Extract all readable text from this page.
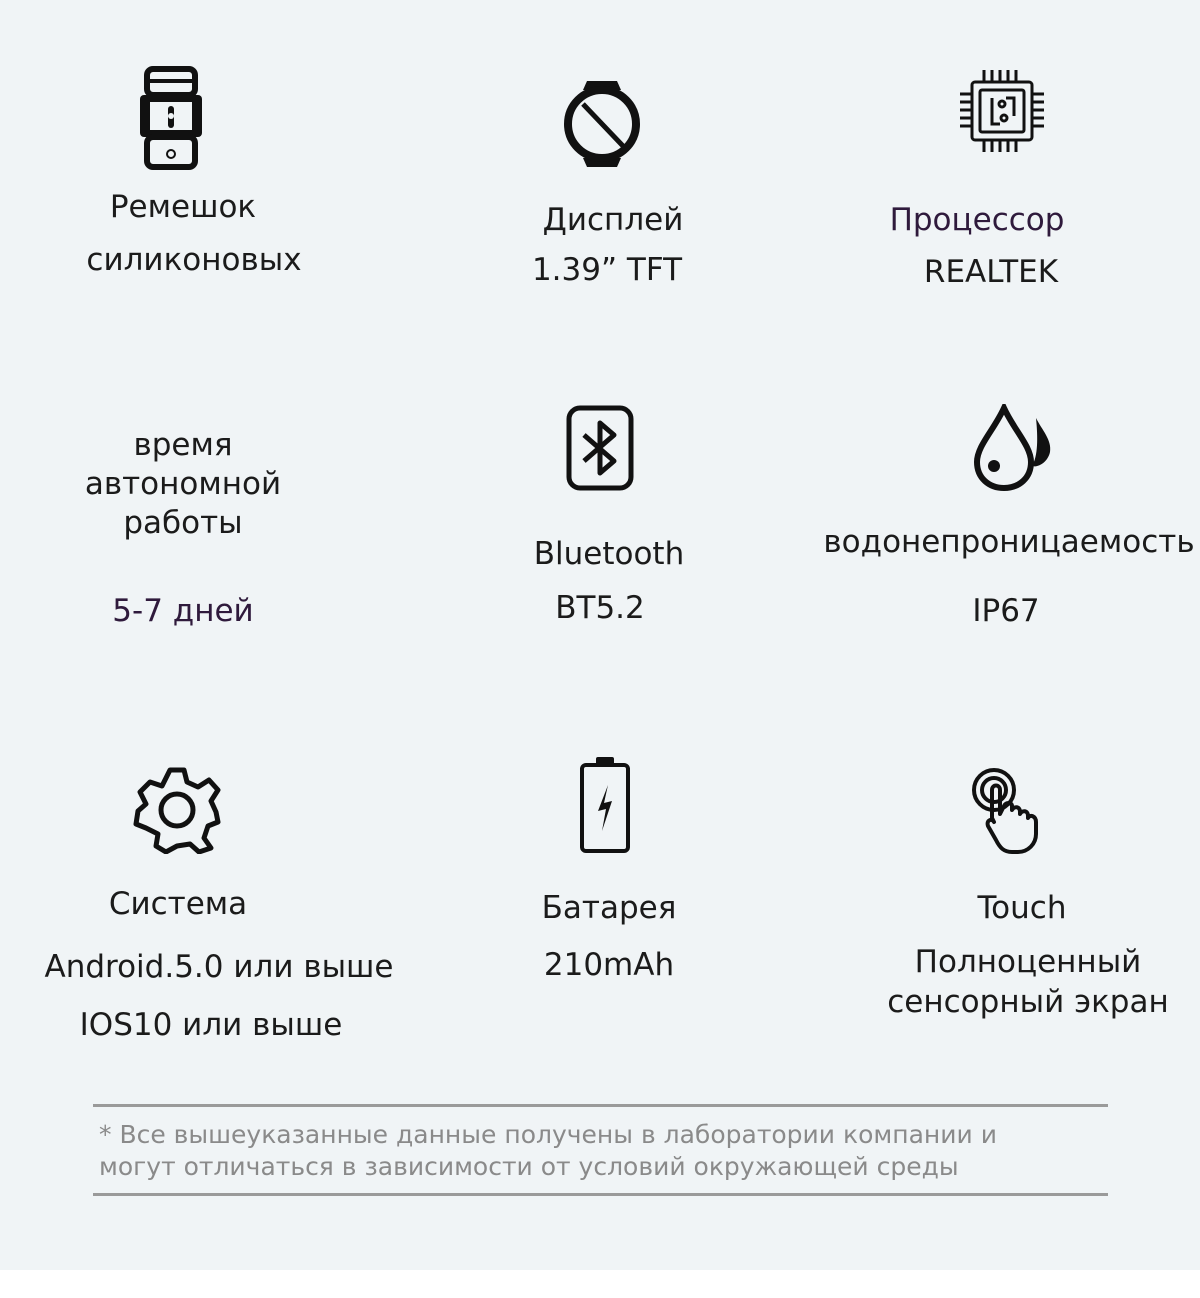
Ремешок
силиконовых
Дисплей
1.39” TFT
Процессор
REALTEK
время
автономной
работы
5-7 дней
Bluetooth
BT5.2
водонепроницаемость
IP67
Система
Android.5.0 или выше
IOS10 или выше
Батарея
210mAh
Touch
Полноценный
сенсорный экран
* Все вышеуказанные данные получены в лаборатории компании и
могут отличаться в зависимости от условий окружающей среды
